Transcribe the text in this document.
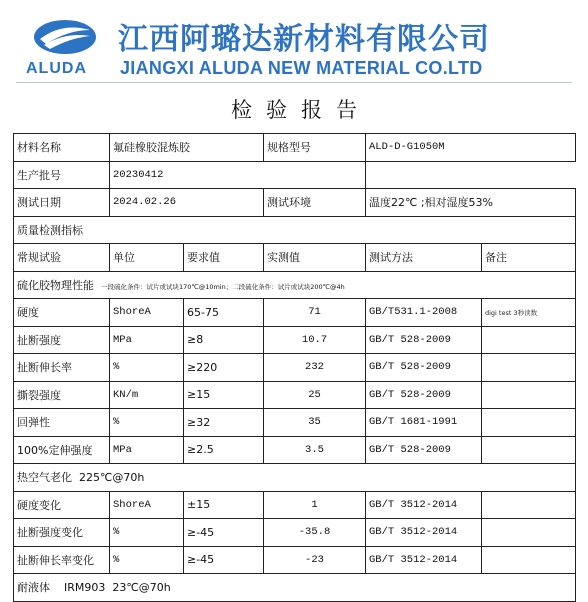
江西阿璐达新材料有限公司
ALUDA JIANGXI ALUDA NEW MATERIAL CO.LTD
检验报告
材料名称	氟硅橡胶混炼胶		规格型号	ALD-D-G1050M	
生产批号	20230412				
测试日期	2024.02.26		测试环境	温度22℃ ;相对湿度53%	
质量检测指标					
常规试验	单位	要求值	实测值	测试方法	备注
硫化胶物理性能 一段硫化条件：试片或试块170℃@10min；二段硫化条件：试片或试块200℃@4h					
硬度	ShoreA	65-75	71	GB/T531.1-2008	digi test 3秒读数
扯断强度	MPa	≥8	10.7	GB/T 528-2009	
扯断伸长率	%	≥220	232	GB/T 528-2009	
撕裂强度	KN/m	≥15	25	GB/T 528-2009	
回弹性	%	≥32	35	GB/T 1681-1991	
100%定伸强度	MPa	≥2.5	3.5	GB/T 528-2009	
热空气老化 225℃@70h					
硬度变化	ShoreA	±15	1	GB/T 3512-2014	
扯断强度变化	%	≥-45	-35.8	GB/T 3512-2014	
扯断伸长率变化	%	≥-45	-23	GB/T 3512-2014	
耐液体 IRM903 23℃@70h					
